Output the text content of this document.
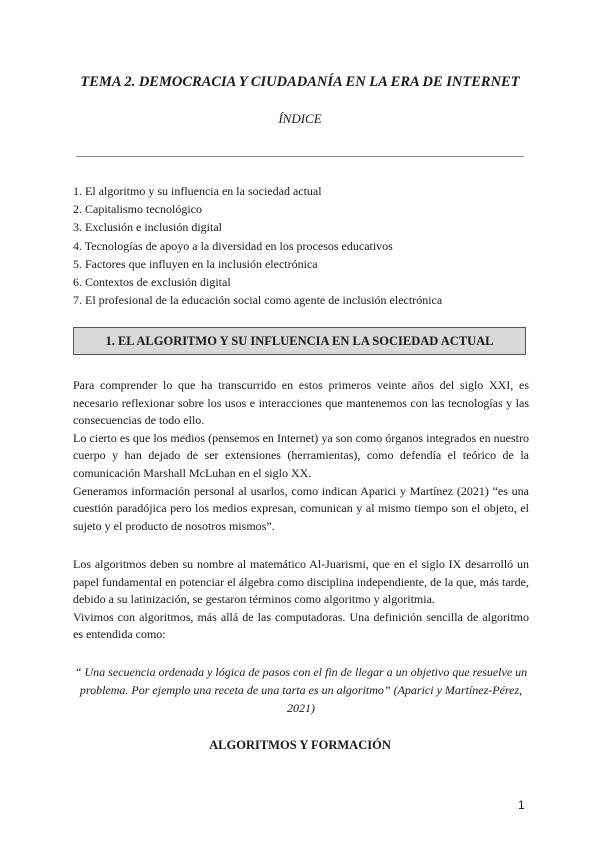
TEMA 2. DEMOCRACIA Y CIUDADANÍA EN LA ERA DE INTERNET
ÍNDICE
1. El algoritmo y su influencia en la sociedad actual
2. Capitalismo tecnológico
3. Exclusión e inclusión digital
4. Tecnologías de apoyo a la diversidad en los procesos educativos
5. Factores que influyen en la inclusión electrónica
6. Contextos de exclusión digital
7. El profesional de la educación social como agente de inclusión electrónica
1. EL ALGORITMO Y SU INFLUENCIA EN LA SOCIEDAD ACTUAL

Para comprender lo que ha transcurrido en estos primeros veinte años del siglo XXI, es necesario reflexionar sobre los usos e interacciones que mantenemos con las tecnologías y las consecuencias de todo ello.

Lo cierto es que los medios (pensemos en Internet) ya son como órganos integrados en nuestro cuerpo y han dejado de ser extensiones (herramientas), como defendía el teórico de la comunicación Marshall McLuhan en el siglo XX.

Generamos información personal al usarlos, como indican Aparici y Martínez (2021) “es una cuestión paradójica pero los medios expresan, comunican y al mismo tiempo son el objeto, el sujeto y el producto de nosotros mismos”.

Los algoritmos deben su nombre al matemático Al-Juarismi, que en el siglo IX desarrolló un papel fundamental en potenciar el álgebra como disciplina independiente, de la que, más tarde, debido a su latinización, se gestaron términos como algoritmo y algoritmia.

Vivimos con algoritmos, más allá de las computadoras. Una definición sencilla de algoritmo es entendida como:

“ Una secuencia ordenada y lógica de pasos con el fin de llegar a un objetivo que resuelve un problema. Por ejemplo una receta de una tarta es un algoritmo” (Aparici y Martínez-Pérez, 2021)

ALGORITMOS Y FORMACIÓN
1
